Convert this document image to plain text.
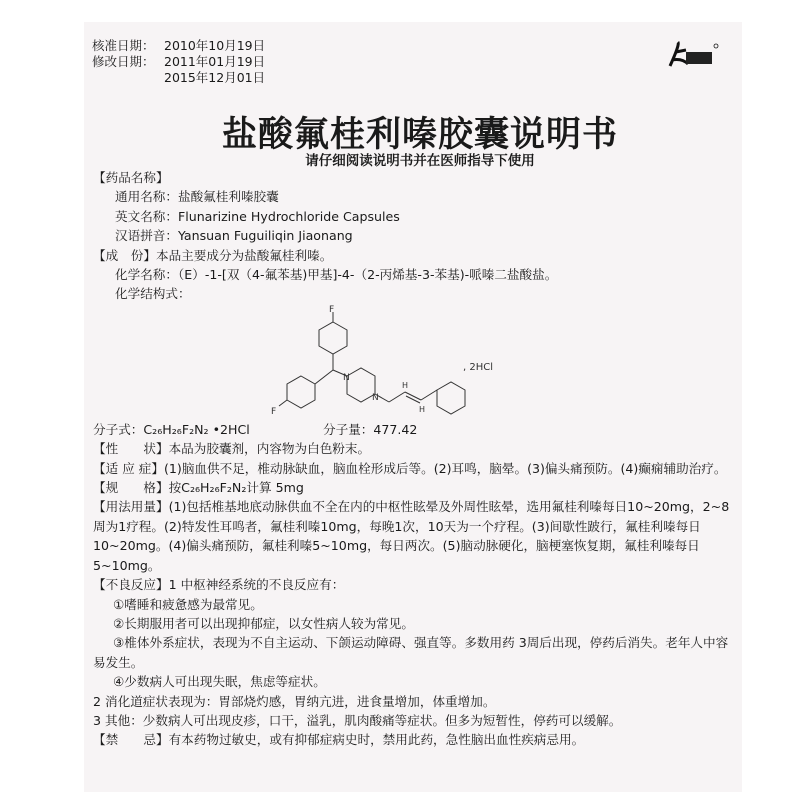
核准日期： 2010年10月19日
修改日期： 2011年01月19日
2015年12月01日
盐酸氟桂利嗪胶囊说明书
请仔细阅读说明书并在医师指导下使用

【药品名称】

通用名称：盐酸氟桂利嗪胶囊

英文名称：Flunarizine Hydrochloride Capsules

汉语拼音：Yansuan Fuguiliqin Jiaonang

【成　份】本品主要成分为盐酸氟桂利嗪。

化学名称：（E）-1-[双（4-氟苯基)甲基]-4-（2-丙烯基-3-苯基)-哌嗪二盐酸盐。

化学结构式：

F
F
N
N
H
H
, 2HCl

分子式：C₂₆H₂₆F₂N₂ •2HCl	分子量：477.42

【性　　状】本品为胶囊剂，内容物为白色粉末。

【适 应 症】(1)脑血供不足，椎动脉缺血，脑血栓形成后等。(2)耳鸣，脑晕。(3)偏头痛预防。(4)癫痫辅助治疗。

【规　　格】按C₂₆H₂₆F₂N₂计算 5mg

【用法用量】(1)包括椎基地底动脉供血不全在内的中枢性眩晕及外周性眩晕，选用氟桂利嗪每日10~20mg，2~8周为1疗程。(2)特发性耳鸣者，氟桂利嗪10mg，每晚1次，10天为一个疗程。(3)间歇性跛行，氟桂利嗪每日10~20mg。(4)偏头痛预防，氟桂利嗪5~10mg，每日两次。(5)脑动脉硬化，脑梗塞恢复期，氟桂利嗪每日5~10mg。

【不良反应】1 中枢神经系统的不良反应有：

①嗜睡和疲惫感为最常见。

②长期服用者可以出现抑郁症，以女性病人较为常见。

③椎体外系症状，表现为不自主运动、下颌运动障碍、强直等。多数用药 3周后出现，停药后消失。老年人中容易发生。

④少数病人可出现失眠，焦虑等症状。

2 消化道症状表现为：胃部烧灼感，胃纳亢进，进食量增加，体重增加。

3 其他：少数病人可出现皮疹，口干，溢乳，肌肉酸痛等症状。但多为短暂性，停药可以缓解。

【禁　　忌】有本药物过敏史，或有抑郁症病史时，禁用此药，急性脑出血性疾病忌用。
